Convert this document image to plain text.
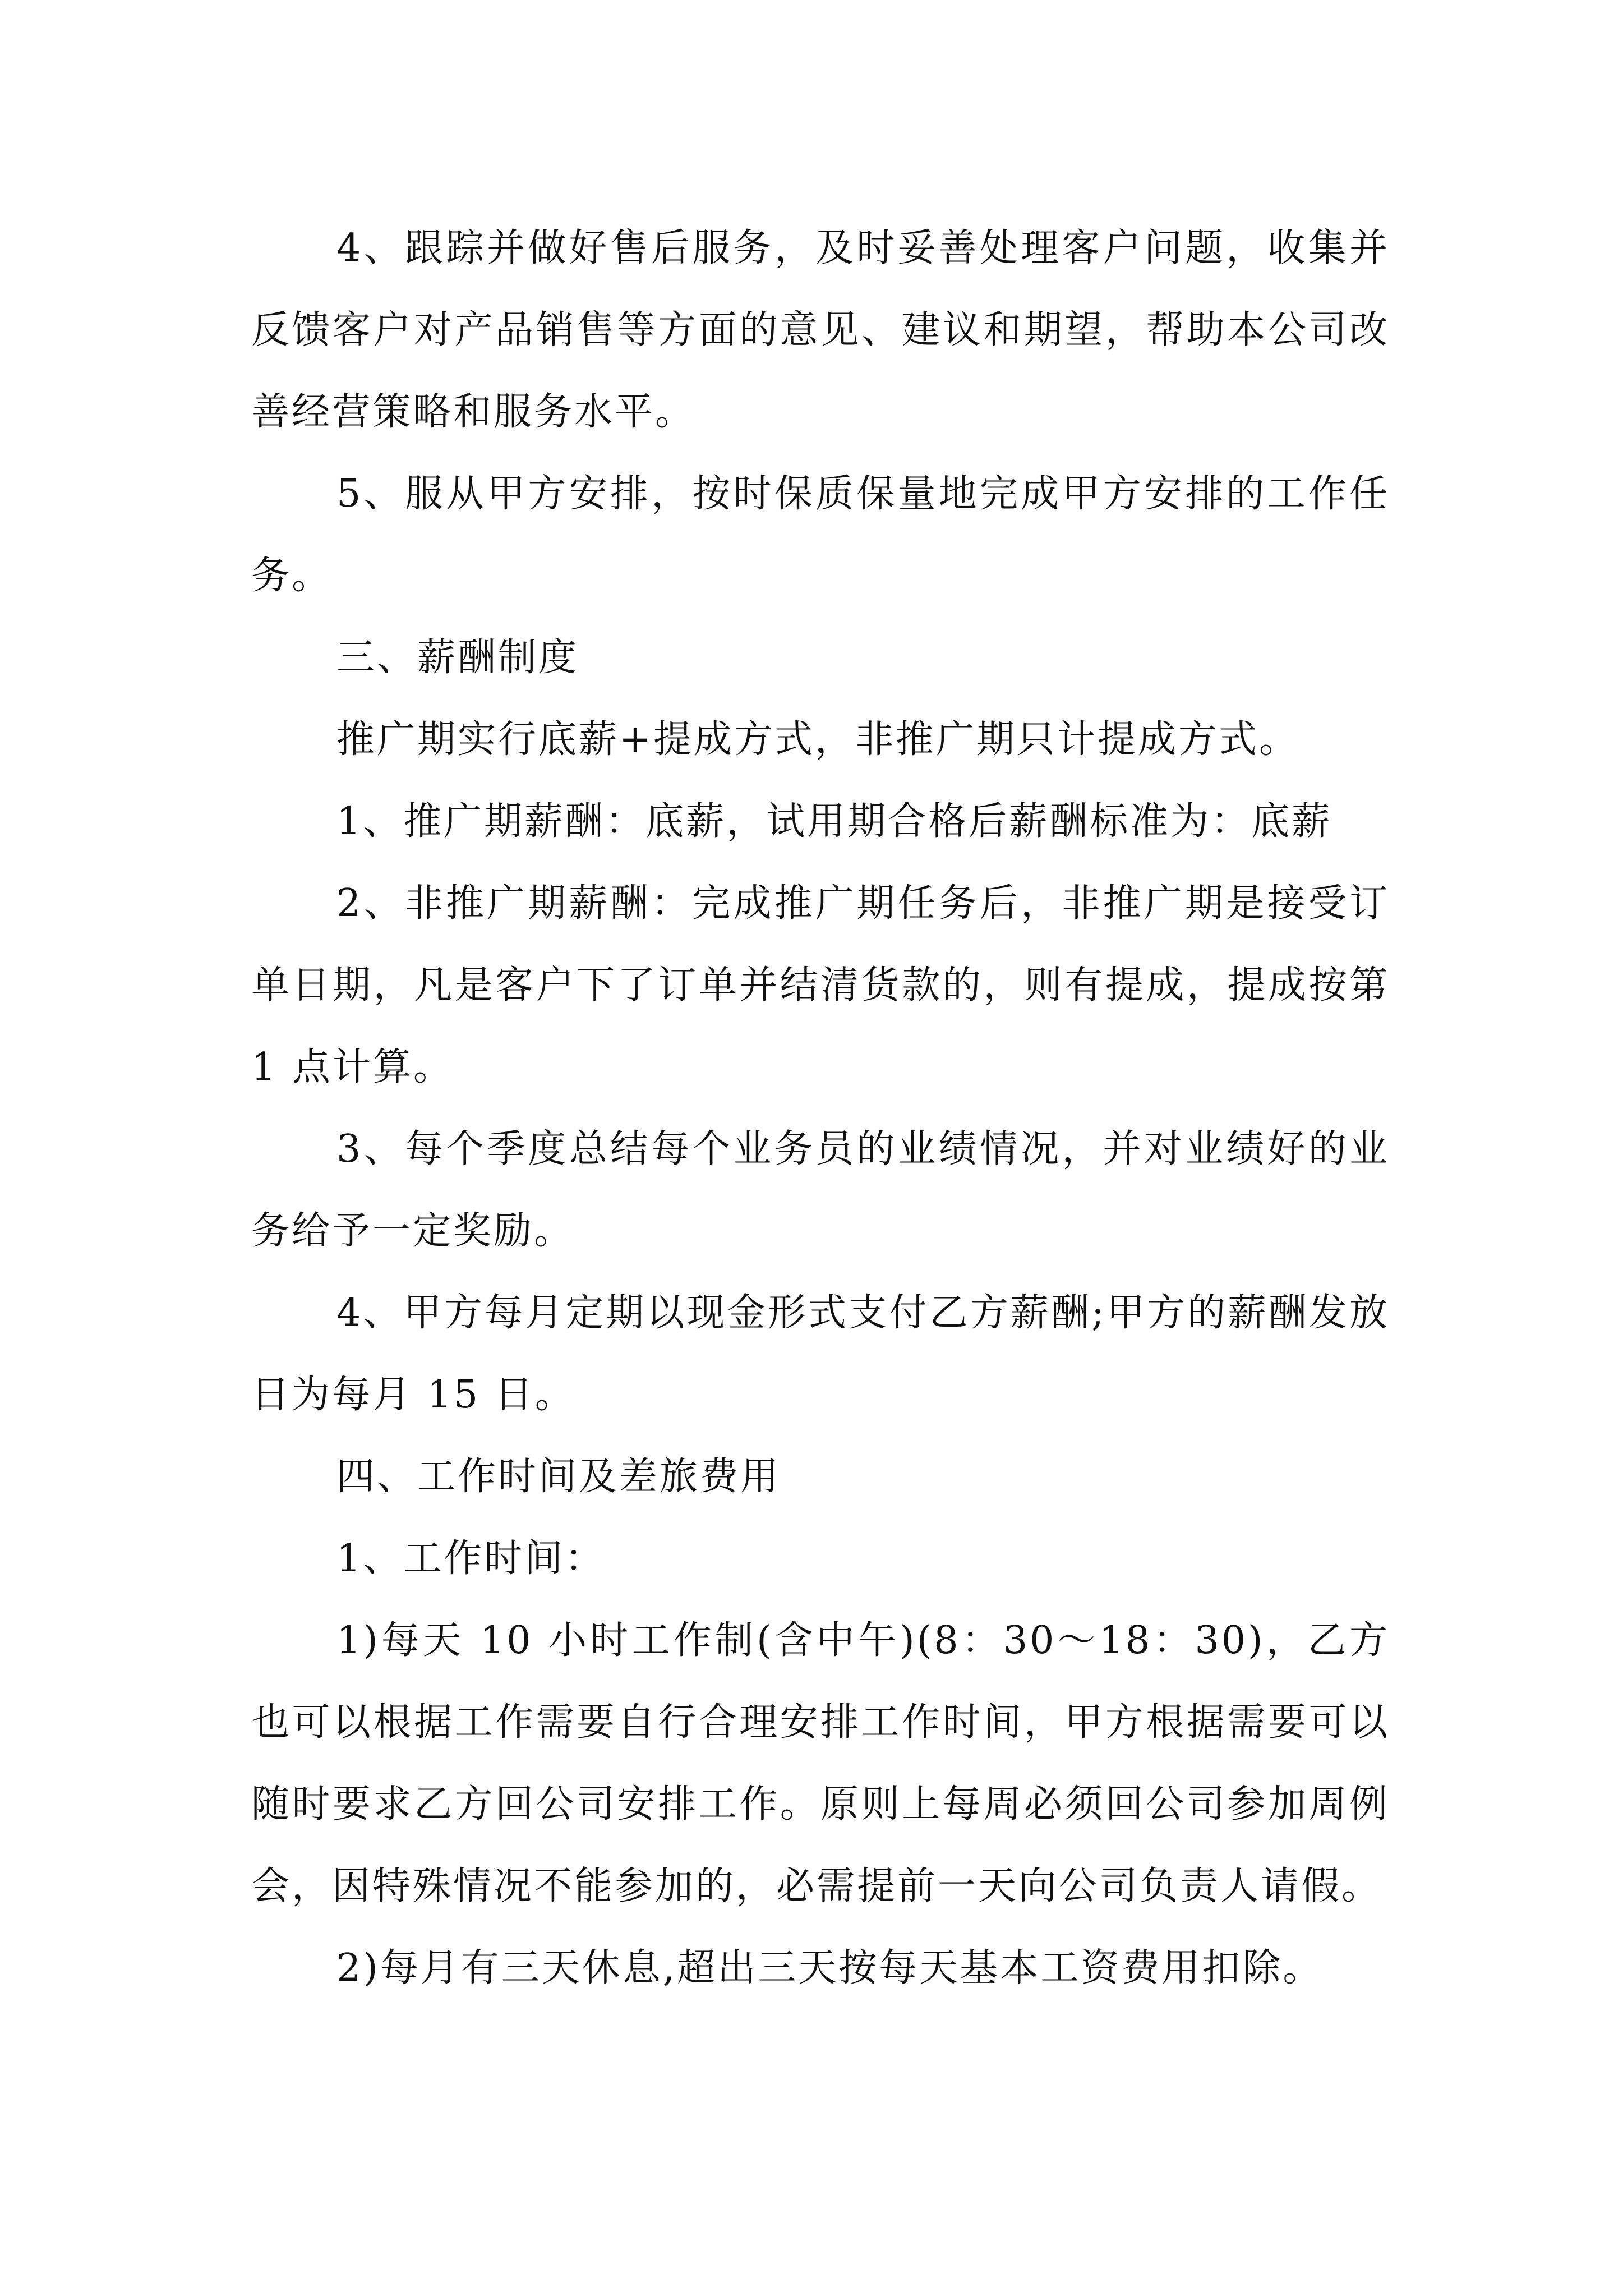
4、跟踪并做好售后服务，及时妥善处理客户问题，收集并反馈客户对产品销售等方面的意见、建议和期望，帮助本公司改善经营策略和服务水平。

5、服从甲方安排，按时保质保量地完成甲方安排的工作任务。

三、薪酬制度

推广期实行底薪+提成方式，非推广期只计提成方式。

1、推广期薪酬：底薪，试用期合格后薪酬标准为：底薪

2、非推广期薪酬：完成推广期任务后，非推广期是接受订单日期，凡是客户下了订单并结清货款的，则有提成，提成按第 1 点计算。

3、每个季度总结每个业务员的业绩情况，并对业绩好的业务给予一定奖励。

4、甲方每月定期以现金形式支付乙方薪酬;甲方的薪酬发放日为每月 15 日。

四、工作时间及差旅费用

1、工作时间：

1)每天 10 小时工作制(含中午)(8：30～18：30)，乙方也可以根据工作需要自行合理安排工作时间，甲方根据需要可以随时要求乙方回公司安排工作。原则上每周必须回公司参加周例会，因特殊情况不能参加的，必需提前一天向公司负责人请假。

2)每月有三天休息,超出三天按每天基本工资费用扣除。
